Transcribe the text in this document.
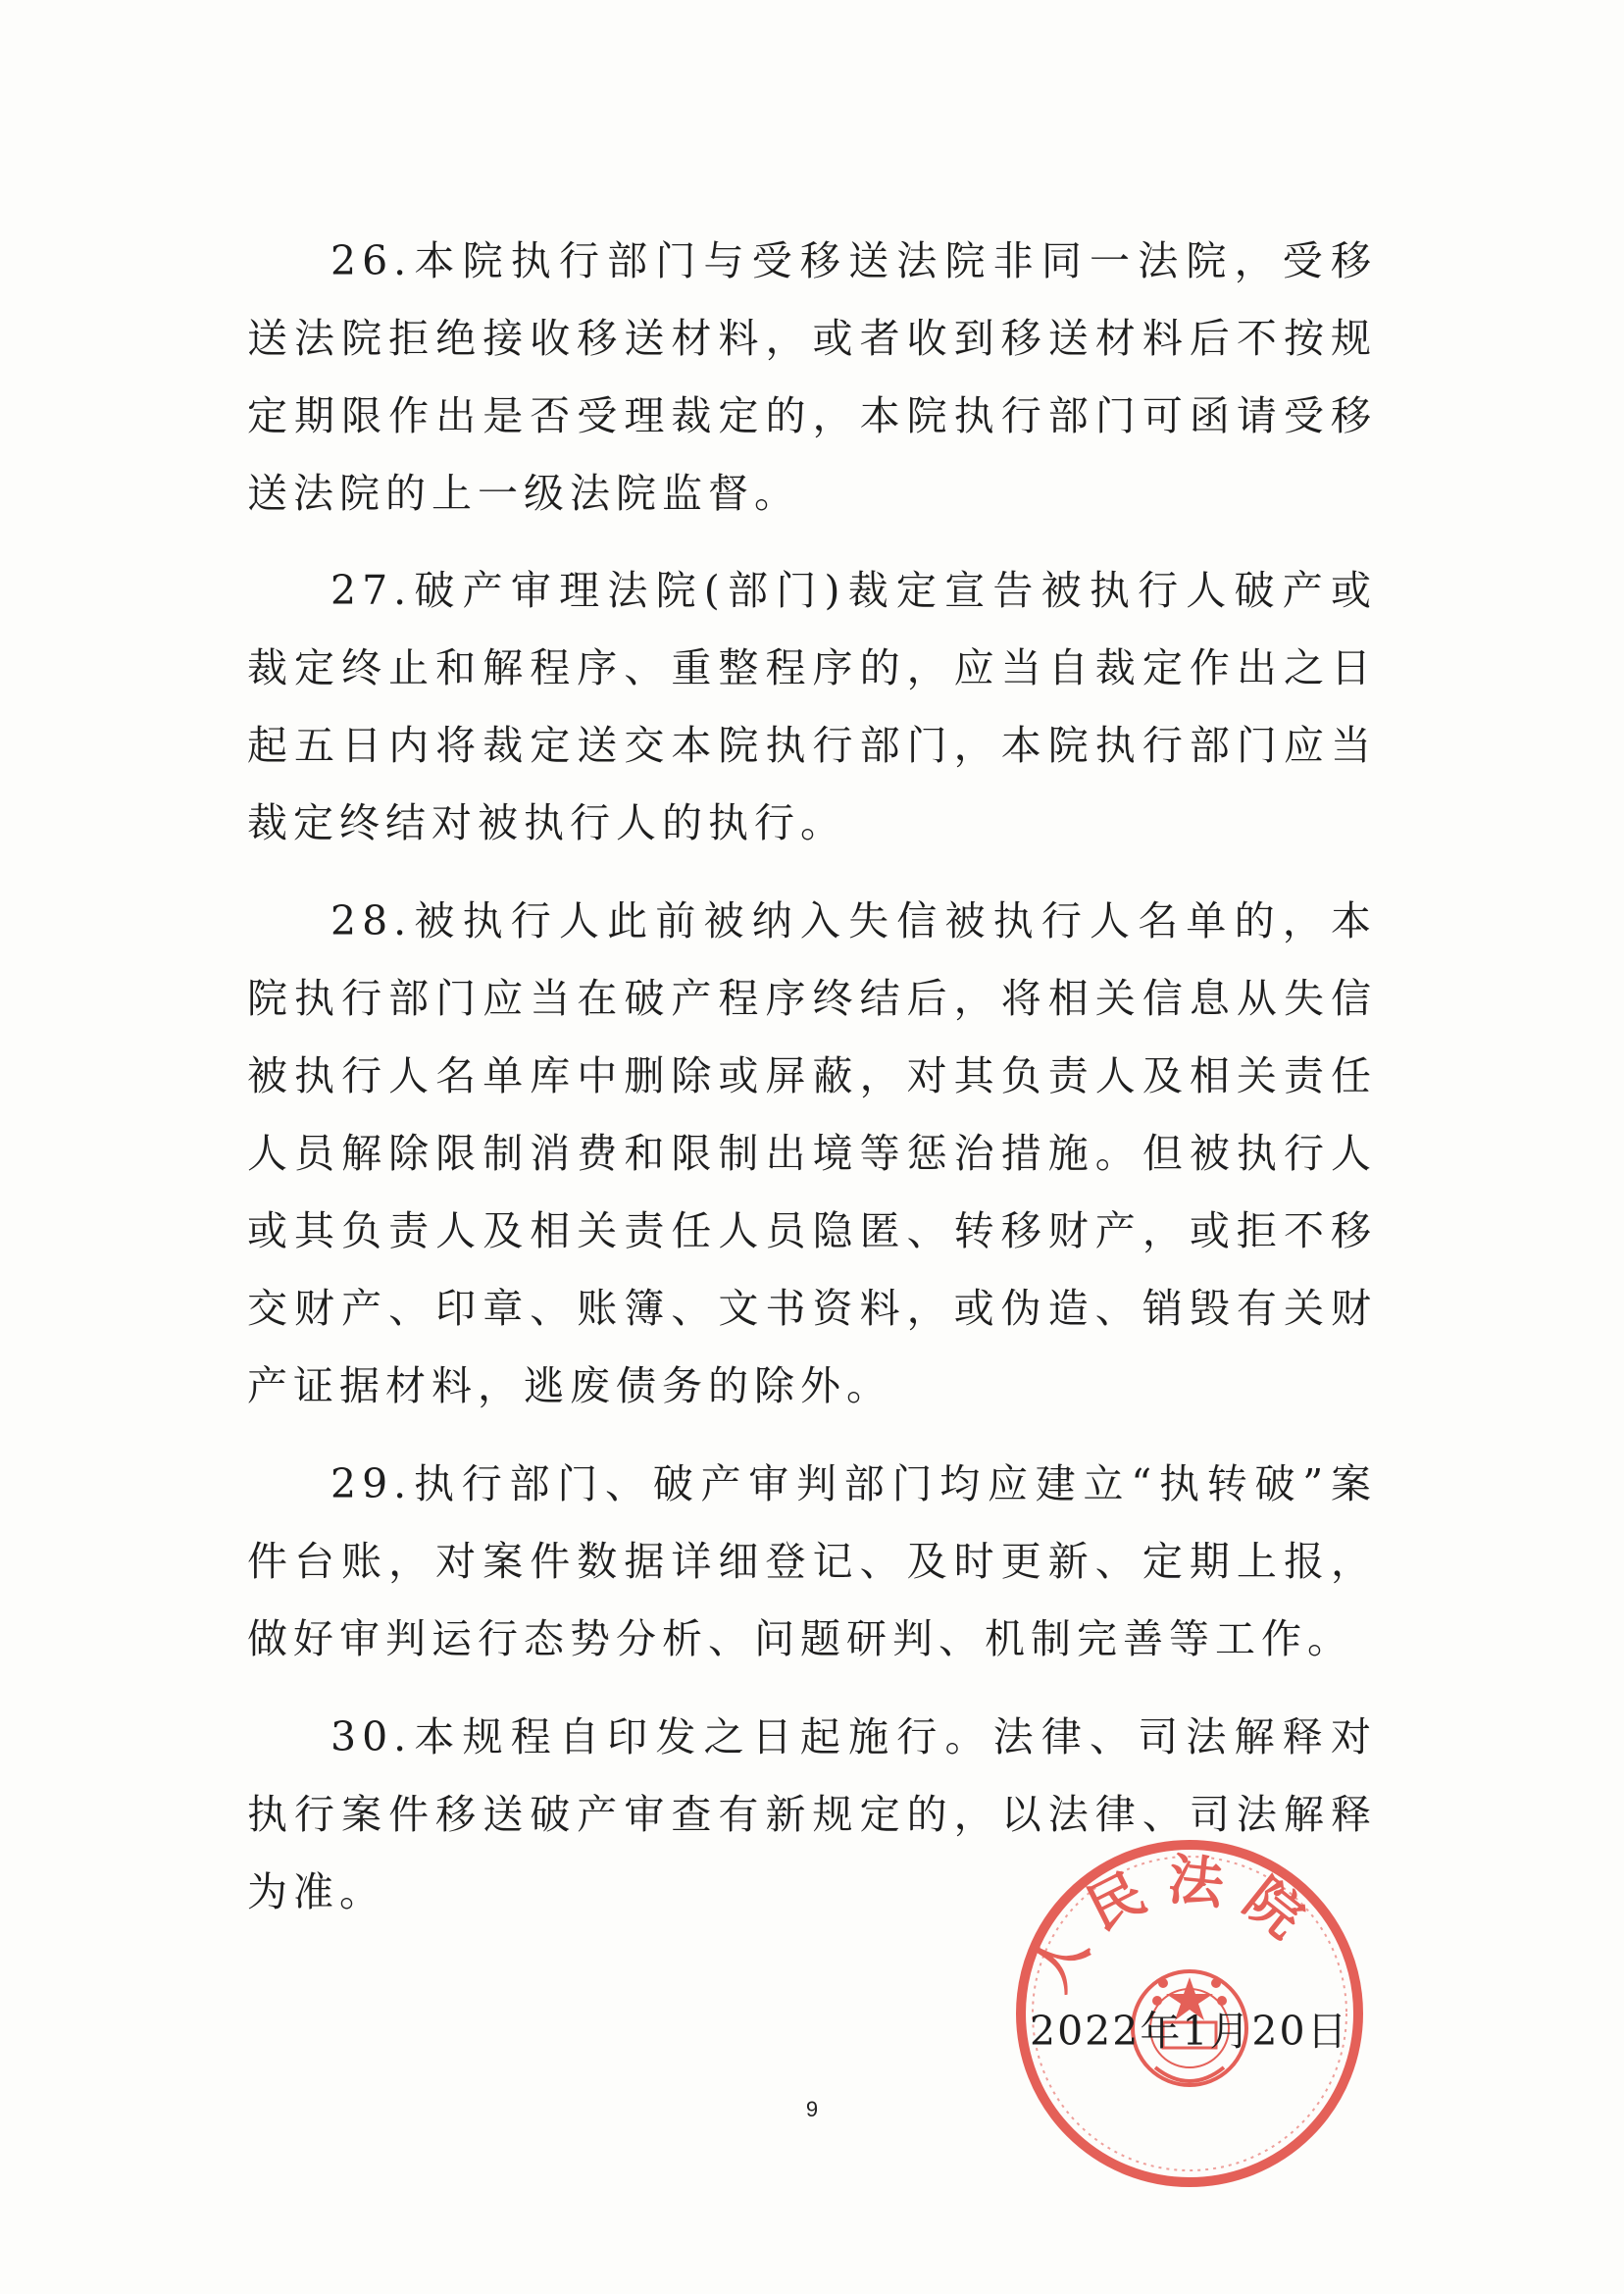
26.本院执行部门与受移送法院非同一法院，受移送法院拒绝接收移送材料，或者收到移送材料后不按规定期限作出是否受理裁定的，本院执行部门可函请受移送法院的上一级法院监督。

27.破产审理法院(部门)裁定宣告被执行人破产或裁定终止和解程序、重整程序的，应当自裁定作出之日起五日内将裁定送交本院执行部门，本院执行部门应当裁定终结对被执行人的执行。

28.被执行人此前被纳入失信被执行人名单的，本院执行部门应当在破产程序终结后，将相关信息从失信被执行人名单库中删除或屏蔽，对其负责人及相关责任人员解除限制消费和限制出境等惩治措施。但被执行人或其负责人及相关责任人员隐匿、转移财产，或拒不移交财产、印章、账簿、文书资料，或伪造、销毁有关财产证据材料，逃废债务的除外。

29.执行部门、破产审判部门均应建立“执转破”案件台账，对案件数据详细登记、及时更新、定期上报，做好审判运行态势分析、问题研判、机制完善等工作。

30.本规程自印发之日起施行。法律、司法解释对执行案件移送破产审查有新规定的，以法律、司法解释为准。

人民法院
2022年1月20日
9
